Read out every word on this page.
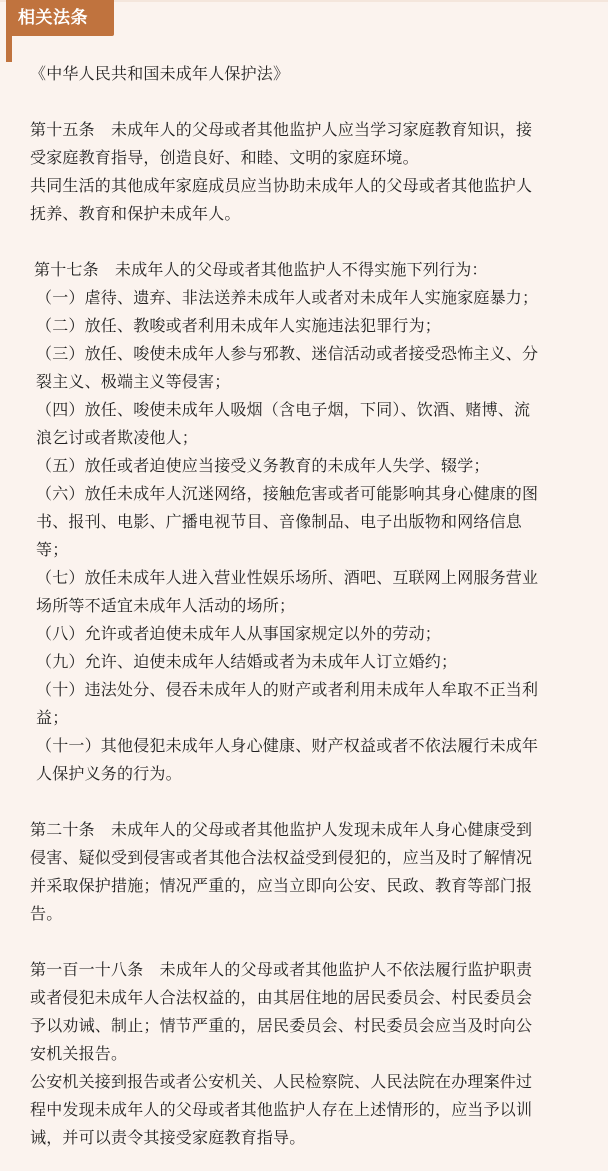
相关法条
《中华人民共和国未成年人保护法》
第十五条　未成年人的父母或者其他监护人应当学习家庭教育知识，接
受家庭教育指导，创造良好、和睦、文明的家庭环境。
共同生活的其他成年家庭成员应当协助未成年人的父母或者其他监护人
抚养、教育和保护未成年人。
第十七条　未成年人的父母或者其他监护人不得实施下列行为：
（一）虐待、遗弃、非法送养未成年人或者对未成年人实施家庭暴力；
（二）放任、教唆或者利用未成年人实施违法犯罪行为；
（三）放任、唆使未成年人参与邪教、迷信活动或者接受恐怖主义、分
裂主义、极端主义等侵害；
（四）放任、唆使未成年人吸烟（含电子烟，下同）、饮酒、赌博、流
浪乞讨或者欺凌他人；
（五）放任或者迫使应当接受义务教育的未成年人失学、辍学；
（六）放任未成年人沉迷网络，接触危害或者可能影响其身心健康的图
书、报刊、电影、广播电视节目、音像制品、电子出版物和网络信息
等；
（七）放任未成年人进入营业性娱乐场所、酒吧、互联网上网服务营业
场所等不适宜未成年人活动的场所；
（八）允许或者迫使未成年人从事国家规定以外的劳动；
（九）允许、迫使未成年人结婚或者为未成年人订立婚约；
（十）违法处分、侵吞未成年人的财产或者利用未成年人牟取不正当利
益；
（十一）其他侵犯未成年人身心健康、财产权益或者不依法履行未成年
人保护义务的行为。
第二十条　未成年人的父母或者其他监护人发现未成年人身心健康受到
侵害、疑似受到侵害或者其他合法权益受到侵犯的，应当及时了解情况
并采取保护措施；情况严重的，应当立即向公安、民政、教育等部门报
告。
第一百一十八条　未成年人的父母或者其他监护人不依法履行监护职责
或者侵犯未成年人合法权益的，由其居住地的居民委员会、村民委员会
予以劝诫、制止；情节严重的，居民委员会、村民委员会应当及时向公
安机关报告。
公安机关接到报告或者公安机关、人民检察院、人民法院在办理案件过
程中发现未成年人的父母或者其他监护人存在上述情形的，应当予以训
诫，并可以责令其接受家庭教育指导。
